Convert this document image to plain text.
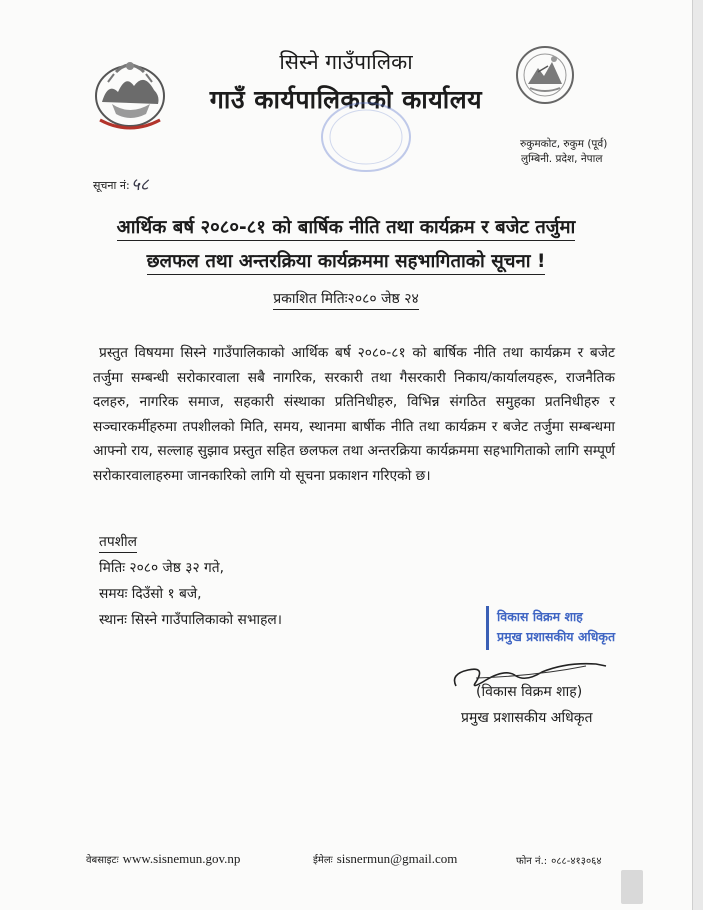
सिस्ने गाउँपालिका
गाउँ कार्यपालिकाको कार्यालय
रुकुमकोट, रुकुम (पूर्व)
लुम्बिनी. प्रदेश, नेपाल
सूचना नं: ५८
आर्थिक बर्ष २०८०-८१ को बार्षिक नीति तथा कार्यक्रम र बजेट तर्जुमा
छलफल तथा अन्तरक्रिया कार्यक्रममा सहभागिताको सूचना !
प्रकाशित मितिः२०८० जेष्ठ २४
प्रस्तुत विषयमा सिस्ने गाउँपालिकाको आर्थिक बर्ष २०८०-८१ को बार्षिक नीति तथा कार्यक्रम र बजेट तर्जुमा सम्बन्धी सरोकारवाला सबै नागरिक, सरकारी तथा गैसरकारी निकाय/कार्यालयहरू, राजनैतिक दलहरु, नागरिक समाज, सहकारी संस्थाका प्रतिनिधीहरु, विभिन्न संगठित समुहका प्रतनिधीहरु र सञ्चारकर्मीहरुमा तपशीलको मिति, समय, स्थानमा बार्षीक नीति तथा कार्यक्रम र बजेट तर्जुमा सम्बन्धमा आफ्नो राय, सल्लाह सुझाव प्रस्तुत सहित छलफल तथा अन्तरक्रिया कार्यक्रममा सहभागिताको लागि सम्पूर्ण सरोकारवालाहरुमा जानकारिको लागि यो सूचना प्रकाशन गरिएको छ।
तपशील
मितिः २०८० जेष्ठ ३२ गते,
समयः दिउँसो १ बजे,
स्थानः सिस्ने गाउँपालिकाको सभाहल।	विकास विक्रम शाह
प्रमुख प्रशासकीय अधिकृत
(विकास विक्रम शाह)
प्रमुख प्रशासकीय अधिकृत
वेबसाइटः www.sisnemun.gov.np	ईमेलः sisnermun@gmail.com	फोन नं.: ०८८-४१३०६४
